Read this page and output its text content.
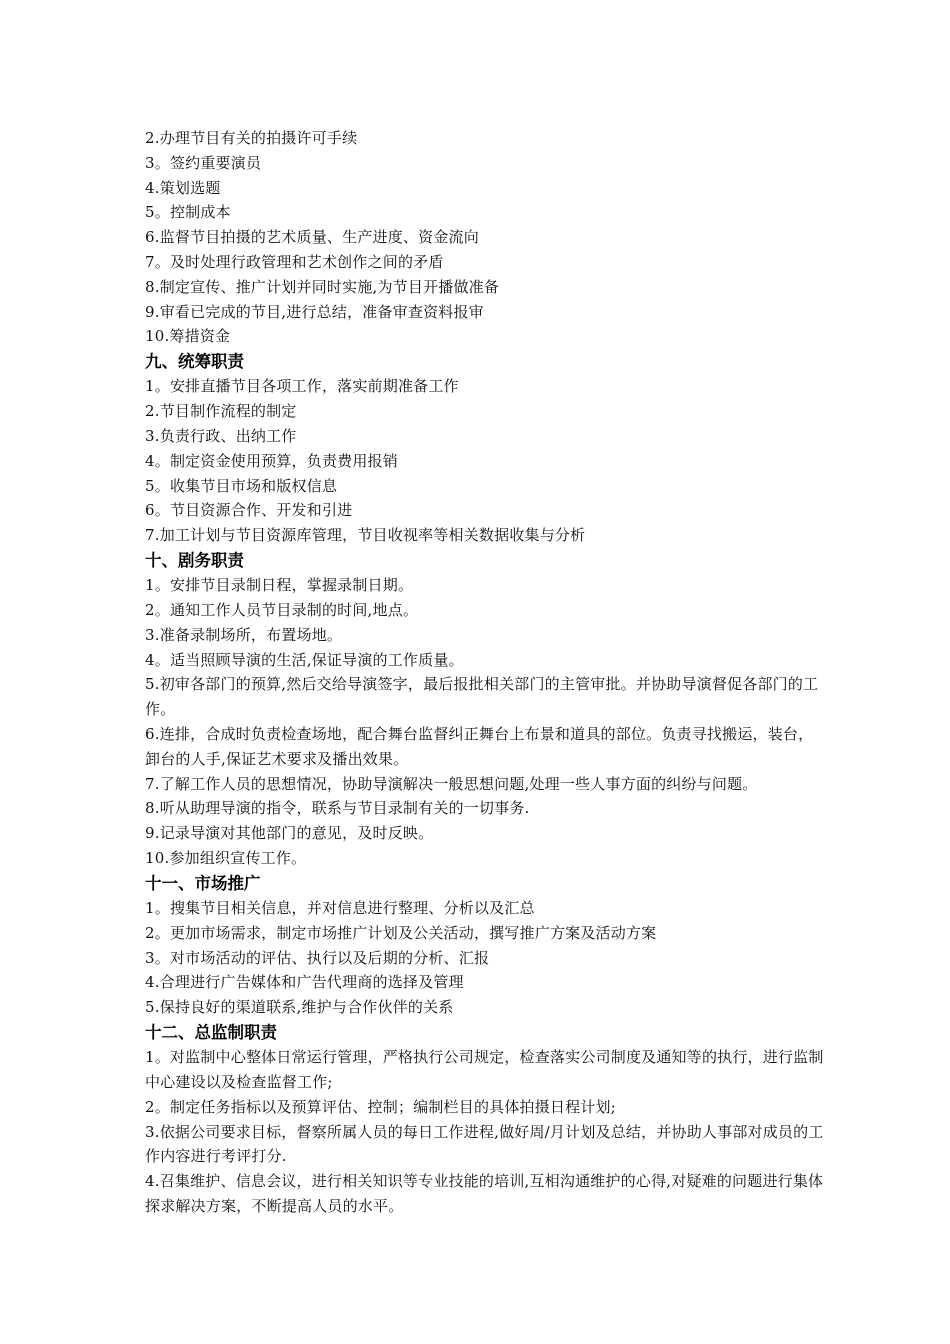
2.办理节目有关的拍摄许可手续
3。签约重要演员
4.策划选题
5。控制成本
6.监督节目拍摄的艺术质量、生产进度、资金流向
7。及时处理行政管理和艺术创作之间的矛盾
8.制定宣传、推广计划并同时实施,为节目开播做准备
9.审看已完成的节目,进行总结，准备审查资料报审
10.筹措资金
九、统筹职责
1。安排直播节目各项工作，落实前期准备工作
2.节目制作流程的制定
3.负责行政、出纳工作
4。制定资金使用预算，负责费用报销
5。收集节目市场和版权信息
6。节目资源合作、开发和引进
7.加工计划与节目资源库管理，节目收视率等相关数据收集与分析
十、剧务职责
1。安排节目录制日程，掌握录制日期。
2。通知工作人员节目录制的时间,地点。
3.准备录制场所，布置场地。
4。适当照顾导演的生活,保证导演的工作质量。
5.初审各部门的预算,然后交给导演签字，最后报批相关部门的主管审批。并协助导演督促各部门的工作。
6.连排，合成时负责检查场地，配合舞台监督纠正舞台上布景和道具的部位。负责寻找搬运，装台，卸台的人手,保证艺术要求及播出效果。
7.了解工作人员的思想情况，协助导演解决一般思想问题,处理一些人事方面的纠纷与问题。
8.听从助理导演的指令，联系与节目录制有关的一切事务.
9.记录导演对其他部门的意见，及时反映。
10.参加组织宣传工作。
十一、市场推广
1。搜集节目相关信息，并对信息进行整理、分析以及汇总
2。更加市场需求，制定市场推广计划及公关活动，撰写推广方案及活动方案
3。对市场活动的评估、执行以及后期的分析、汇报
4.合理进行广告媒体和广告代理商的选择及管理
5.保持良好的渠道联系,维护与合作伙伴的关系
十二、总监制职责
1。对监制中心整体日常运行管理，严格执行公司规定，检查落实公司制度及通知等的执行，进行监制中心建设以及检查监督工作;
2。制定任务指标以及预算评估、控制；编制栏目的具体拍摄日程计划;
3.依据公司要求目标，督察所属人员的每日工作进程,做好周/月计划及总结，并协助人事部对成员的工作内容进行考评打分.
4.召集维护、信息会议，进行相关知识等专业技能的培训,互相沟通维护的心得,对疑难的问题进行集体探求解决方案，不断提高人员的水平。
